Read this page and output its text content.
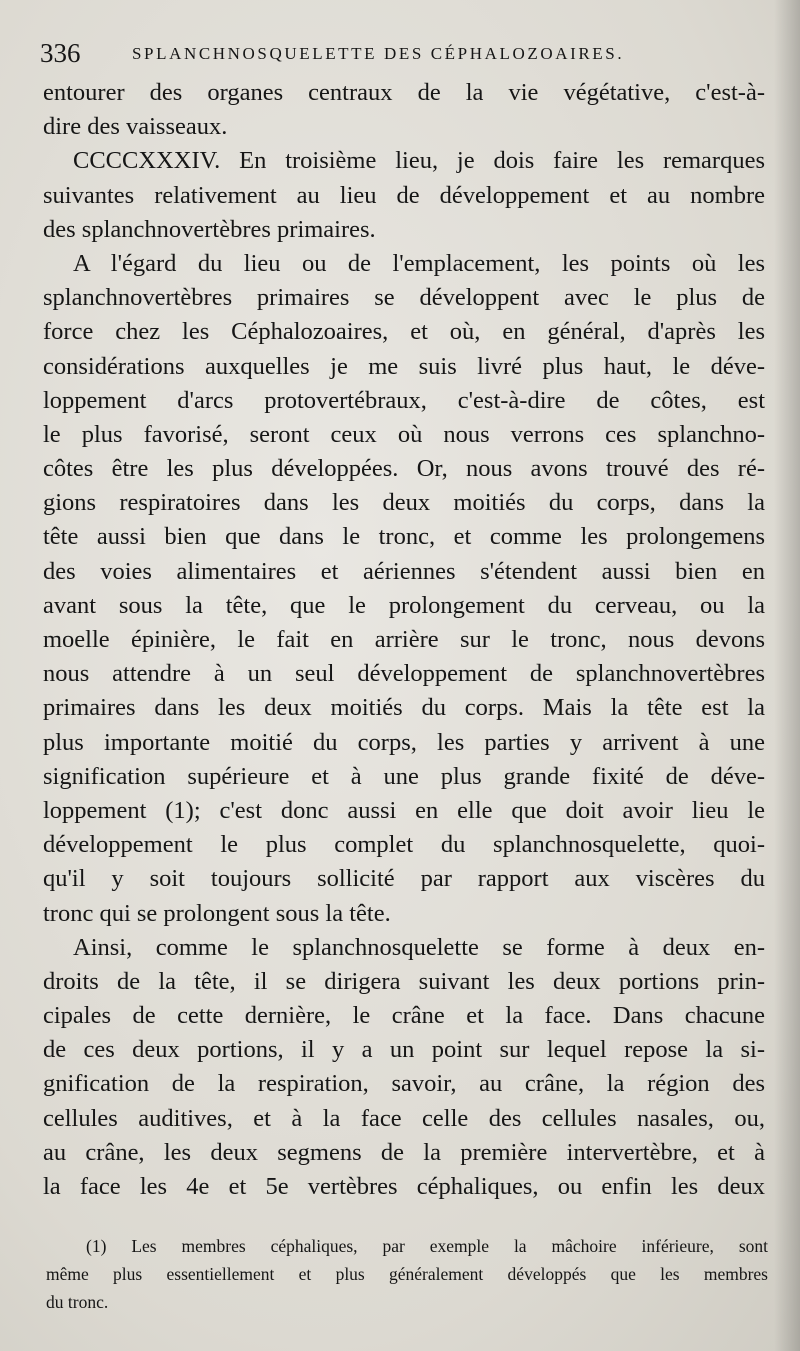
336	SPLANCHNOSQUELETTE DES CÉPHALOZOAIRES.
entourer des organes centraux de la vie végétative, c'est-à-
dire des vaisseaux.
CCCCXXXIV. En troisième lieu, je dois faire les remarques
suivantes relativement au lieu de développement et au nombre
des splanchnovertèbres primaires.
A l'égard du lieu ou de l'emplacement, les points où les
splanchnovertèbres primaires se développent avec le plus de
force chez les Céphalozoaires, et où, en général, d'après les
considérations auxquelles je me suis livré plus haut, le déve-
loppement d'arcs protovertébraux, c'est-à-dire de côtes, est
le plus favorisé, seront ceux où nous verrons ces splanchno-
côtes être les plus développées. Or, nous avons trouvé des ré-
gions respiratoires dans les deux moitiés du corps, dans la
tête aussi bien que dans le tronc, et comme les prolongemens
des voies alimentaires et aériennes s'étendent aussi bien en
avant sous la tête, que le prolongement du cerveau, ou la
moelle épinière, le fait en arrière sur le tronc, nous devons
nous attendre à un seul développement de splanchnovertèbres
primaires dans les deux moitiés du corps. Mais la tête est la
plus importante moitié du corps, les parties y arrivent à une
signification supérieure et à une plus grande fixité de déve-
loppement (1); c'est donc aussi en elle que doit avoir lieu le
développement le plus complet du splanchnosquelette, quoi-
qu'il y soit toujours sollicité par rapport aux viscères du
tronc qui se prolongent sous la tête.
Ainsi, comme le splanchnosquelette se forme à deux en-
droits de la tête, il se dirigera suivant les deux portions prin-
cipales de cette dernière, le crâne et la face. Dans chacune
de ces deux portions, il y a un point sur lequel repose la si-
gnification de la respiration, savoir, au crâne, la région des
cellules auditives, et à la face celle des cellules nasales, ou,
au crâne, les deux segmens de la première intervertèbre, et à
la face les 4e et 5e vertèbres céphaliques, ou enfin les deux
(1) Les membres céphaliques, par exemple la mâchoire inférieure, sont
même plus essentiellement et plus généralement développés que les membres
du tronc.
